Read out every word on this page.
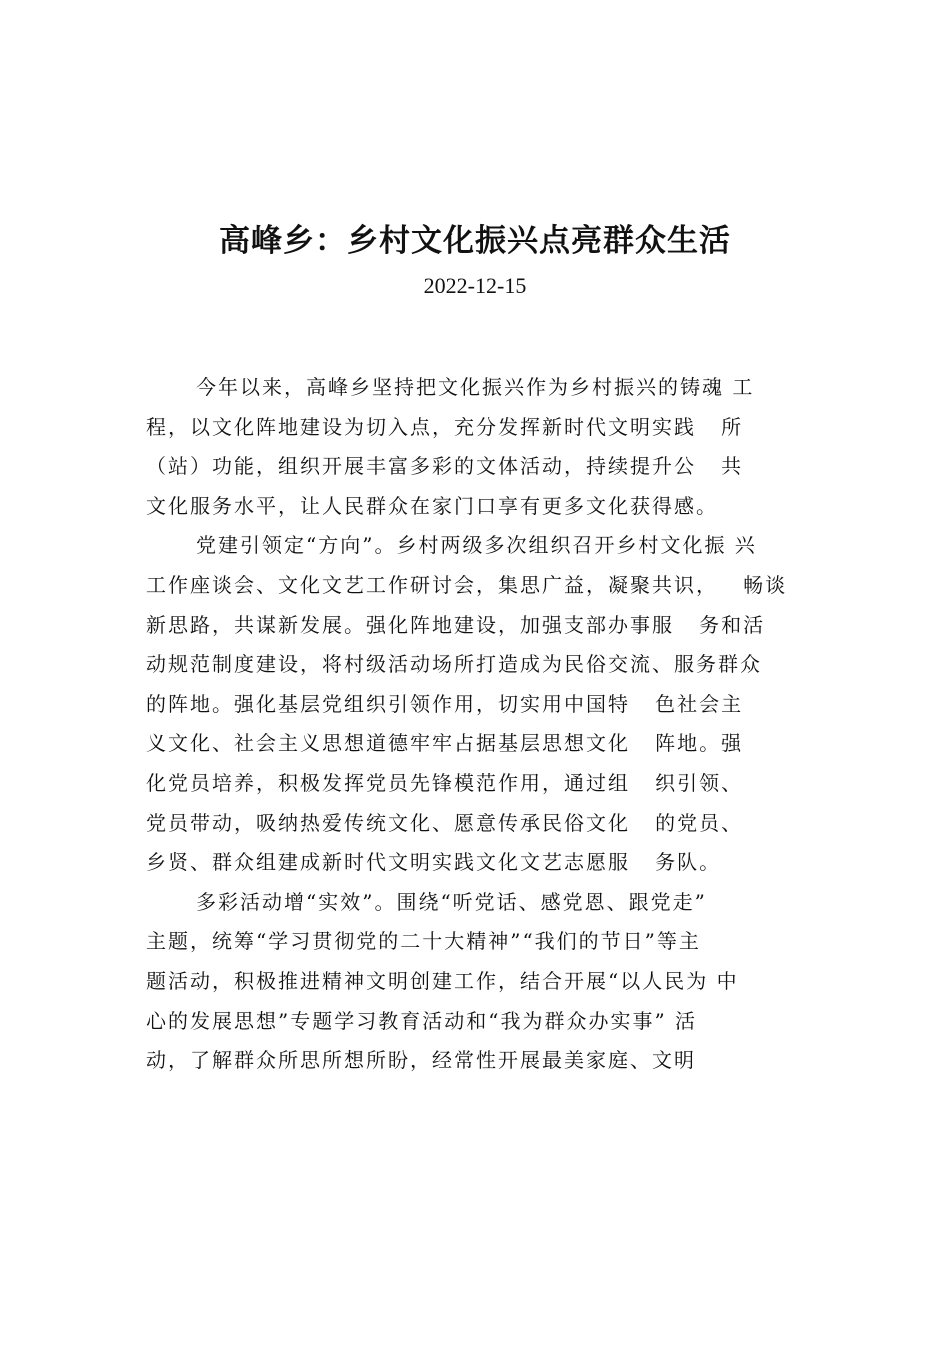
高峰乡：乡村文化振兴点亮群众生活
2022-12-15
今年以来，高峰乡坚持把文化振兴作为乡村振兴的铸魂 工
程，以文化阵地建设为切入点，充分发挥新时代文明实践   所
（站）功能，组织开展丰富多彩的文体活动，持续提升公   共
文化服务水平，让人民群众在家门口享有更多文化获得感。
党建引领定“方向”。乡村两级多次组织召开乡村文化振 兴
工作座谈会、文化文艺工作研讨会，集思广益，凝聚共识，   畅谈
新思路，共谋新发展。强化阵地建设，加强支部办事服   务和活
动规范制度建设，将村级活动场所打造成为民俗交流、服务群众
的阵地。强化基层党组织引领作用，切实用中国特   色社会主
义文化、社会主义思想道德牢牢占据基层思想文化   阵地。强
化党员培养，积极发挥党员先锋模范作用，通过组   织引领、
党员带动，吸纳热爱传统文化、愿意传承民俗文化   的党员、
乡贤、群众组建成新时代文明实践文化文艺志愿服   务队。
多彩活动增“实效”。围绕“听党话、感党恩、跟党走”
主题，统筹“学习贯彻党的二十大精神”“我们的节日”等主
题活动，积极推进精神文明创建工作，结合开展“以人民为 中
心的发展思想”专题学习教育活动和“我为群众办实事” 活
动，了解群众所思所想所盼，经常性开展最美家庭、文明
